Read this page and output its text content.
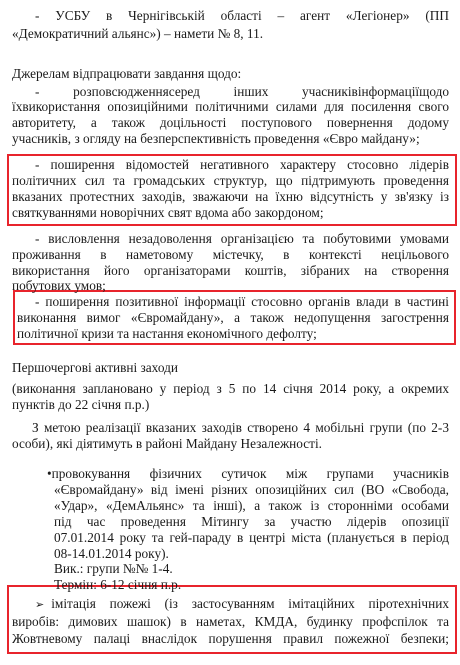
- УСБУ в Чернігівській області – агент «Легіонер» (ПП
«Демократичний альянс») – намети № 8, 11.
Джерелам відпрацювати завдання щодо:
- розповсюдженнясеред інших учасниківінформаціїщодо
їхвикористання опозиційними політичними силами для посилення свого
авторитету, а також доцільності поступового повернення додому
учасників, з огляду на безперспективність проведення «Євро майдану»;
- поширення відомостей негативного характеру стосовно лідерів
політичних сил та громадських структур, що підтримують проведення
вказаних протестних заходів, зважаючи на їхню відсутність у зв'язку із
святкуваннями новорічних свят вдома або закордоном;
- висловлення незадоволення організацією та побутовими умовами
проживання в наметовому містечку, в контексті нецільового
використання його організаторами коштів, зібраних на створення
побутових умов;
- поширення позитивної інформації стосовно органів влади в частині
виконання вимог «Євромайдану», а також недопущення загострення
політичної кризи та настання економічного дефолту;
Першочергові активні заходи
(виконання заплановано у період з 5 по 14 січня 2014 року, а окремих
пунктів до 22 січня п.р.)
З метою реалізації вказаних заходів створено 4 мобільні групи (по 2-3
особи), які діятимуть в районі Майдану Незалежності.
•провокування фізичних сутичок між групами учасників
«Євромайдану» від імені різних опозиційних сил (ВО «Свобода,
«Удар», «ДемАльянс» та інші), а також із сторонніми особами
під час проведення Мітингу за участю лідерів опозиції
07.01.2014 року та гей-параду в центрі міста (планується в період
08-14.01.2014 року).
Вик.: групи №№ 1-4.
Термін: 6-12 січня п.р.
➢ імітація пожежі (із застосуванням імітаційних піротехнічних
виробів: димових шашок) в наметах, КМДА, будинку профспілок та
Жовтневому палаці внаслідок порушення правил пожежної безпеки;
